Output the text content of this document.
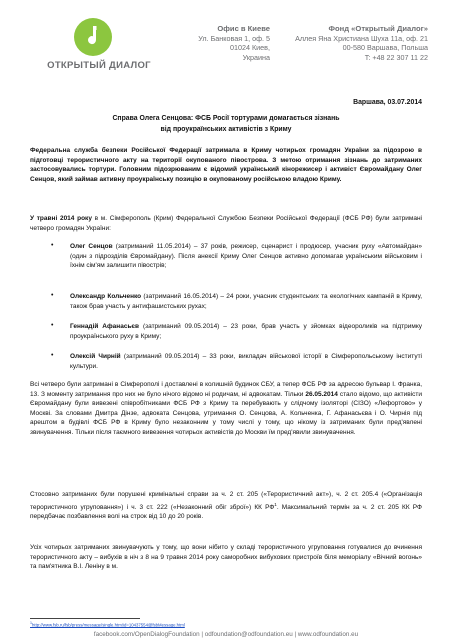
ОТКРЫТЫЙ ДИАЛОГ
Офис в Киеве
Ул. Банковая 1, оф. 5
01024 Киев,
Украина
Фонд «Открытый Диалог»
Аллея Яна Христиана Шуха 11а, оф. 21
00-580 Варшава, Польша
T: +48 22 307 11 22
Варшава, 03.07.2014
Справа Олега Сенцова: ФСБ Росії тортурами домагається зізнань
від проукраїнських активістів з Криму
Федеральна служба безпеки Російської Федерації затримала в Криму чотирьох громадян України за підозрою в підготовці терористичного акту на території окупованого півострова. З метою отримання зізнань до затриманих застосовувались тортури. Головним підозрюваним є відомий український кінорежисер і активіст Євромайдану Олег Сенцов, який займав активну проукраїнську позицію в окупованому російською владою Криму.
У травні 2014 року в м. Сімферополь (Крим) Федеральної Службою Безпеки Російської Федерації (ФСБ РФ) були затримані четверо громадян України:
•	Олег Сенцов (затриманий 11.05.2014) – 37 років, режисер, сценарист і продюсер, учасник руху «Автомайдан» (один з підрозділів Євромайдану). Після анексії Криму Олег Сенцов активно допомагав українським військовим і їхнім сім'ям залишити півострів;
•	Олександр Кольченко (затриманий 16.05.2014) – 24 роки, учасник студентських та екологічних кампаній в Криму, також брав участь у антифашистських рухах;
•	Геннадій Афанасьєв (затриманий 09.05.2014) – 23 роки, брав участь у зйомках відеороликів на підтримку проукраїнського руху в Криму;
•	Олексій Чирній (затриманий 09.05.2014) – 33 роки, викладач військової історії в Сімферопольському інституті культури.
Всі четверо були затримані в Сімферополі і доставлені в колишній будинок СБУ, а тепер ФСБ РФ за адресою бульвар І. Франка, 13. З моменту затримання про них не було нічого відомо ні родичам, ні адвокатам. Тільки 26.05.2014 стало відомо, що активісти Євромайдану були вивезені співробітниками ФСБ РФ з Криму та перебувають у слідчому ізоляторі (СІЗО) «Лефортово» у Москві. За словами Дмитра Дінзе, адвоката Сенцова, утримання О. Сенцова, А. Кольченка, Г. Афанасьєва і О. Чирнія під арештом в будівлі ФСБ РФ в Криму було незаконним у тому числі у тому, що нікому із затриманих були пред'явлені звинувачення. Тільки після таємного вивезення чотирьох активістів до Москви їм пред'явили звинувачення.
Стосовно затриманих були порушені кримінальні справи за ч. 2 ст. 205 («Терористичний акт»), ч. 2 ст. 205.4 («Організація терористичного угруповання») і ч. 3 ст. 222 («Незаконний обіг зброї») КК $РФ^1$. Максимальний термін за ч. 2 ст. 205 КК РФ передбачає позбавлення волі на строк від 10 до 20 років.
Усіх чотирьох затриманих звинувачують у тому, що вони нібито у складі терористичного угруповання готувалися до вчинення терористичного акту – вибухів в ніч з 8 на 9 травня 2014 року саморобних вибухових пристроїв біля меморіалу «Вічний вогонь» та пам'ятника В.І. Леніну в м.
$^1$http://www.fsb.ru/fsb/press/message/single.htm!id=10437554@fsbMessage.html
facebook.com/OpenDialogFoundation | odfoundation@odfoundation.eu | www.odfoundation.eu
